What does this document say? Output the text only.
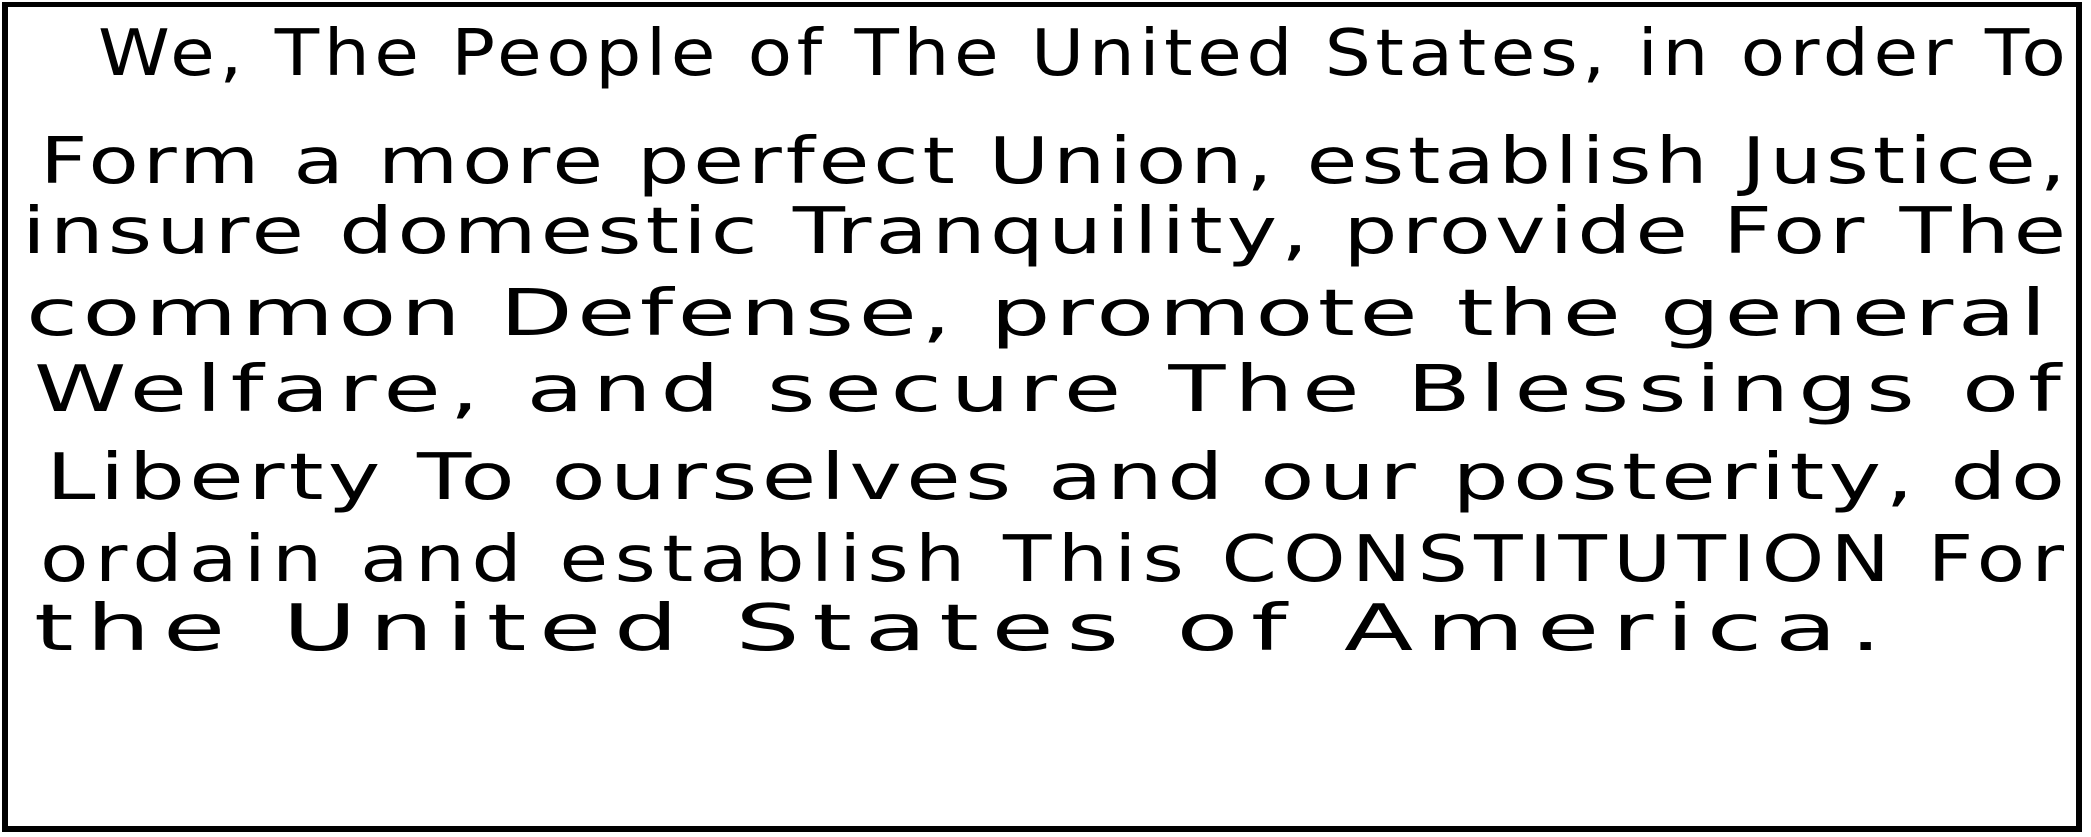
We, The People of The United States, in order To
Form a more perfect Union, establish Justice,
insure domestic Tranquility, provide For The
common Defense, promote the general
Welfare, and secure The Blessings of
Liberty To ourselves and our posterity, do
ordain and establish This CONSTITUTION For
the United States of America.
